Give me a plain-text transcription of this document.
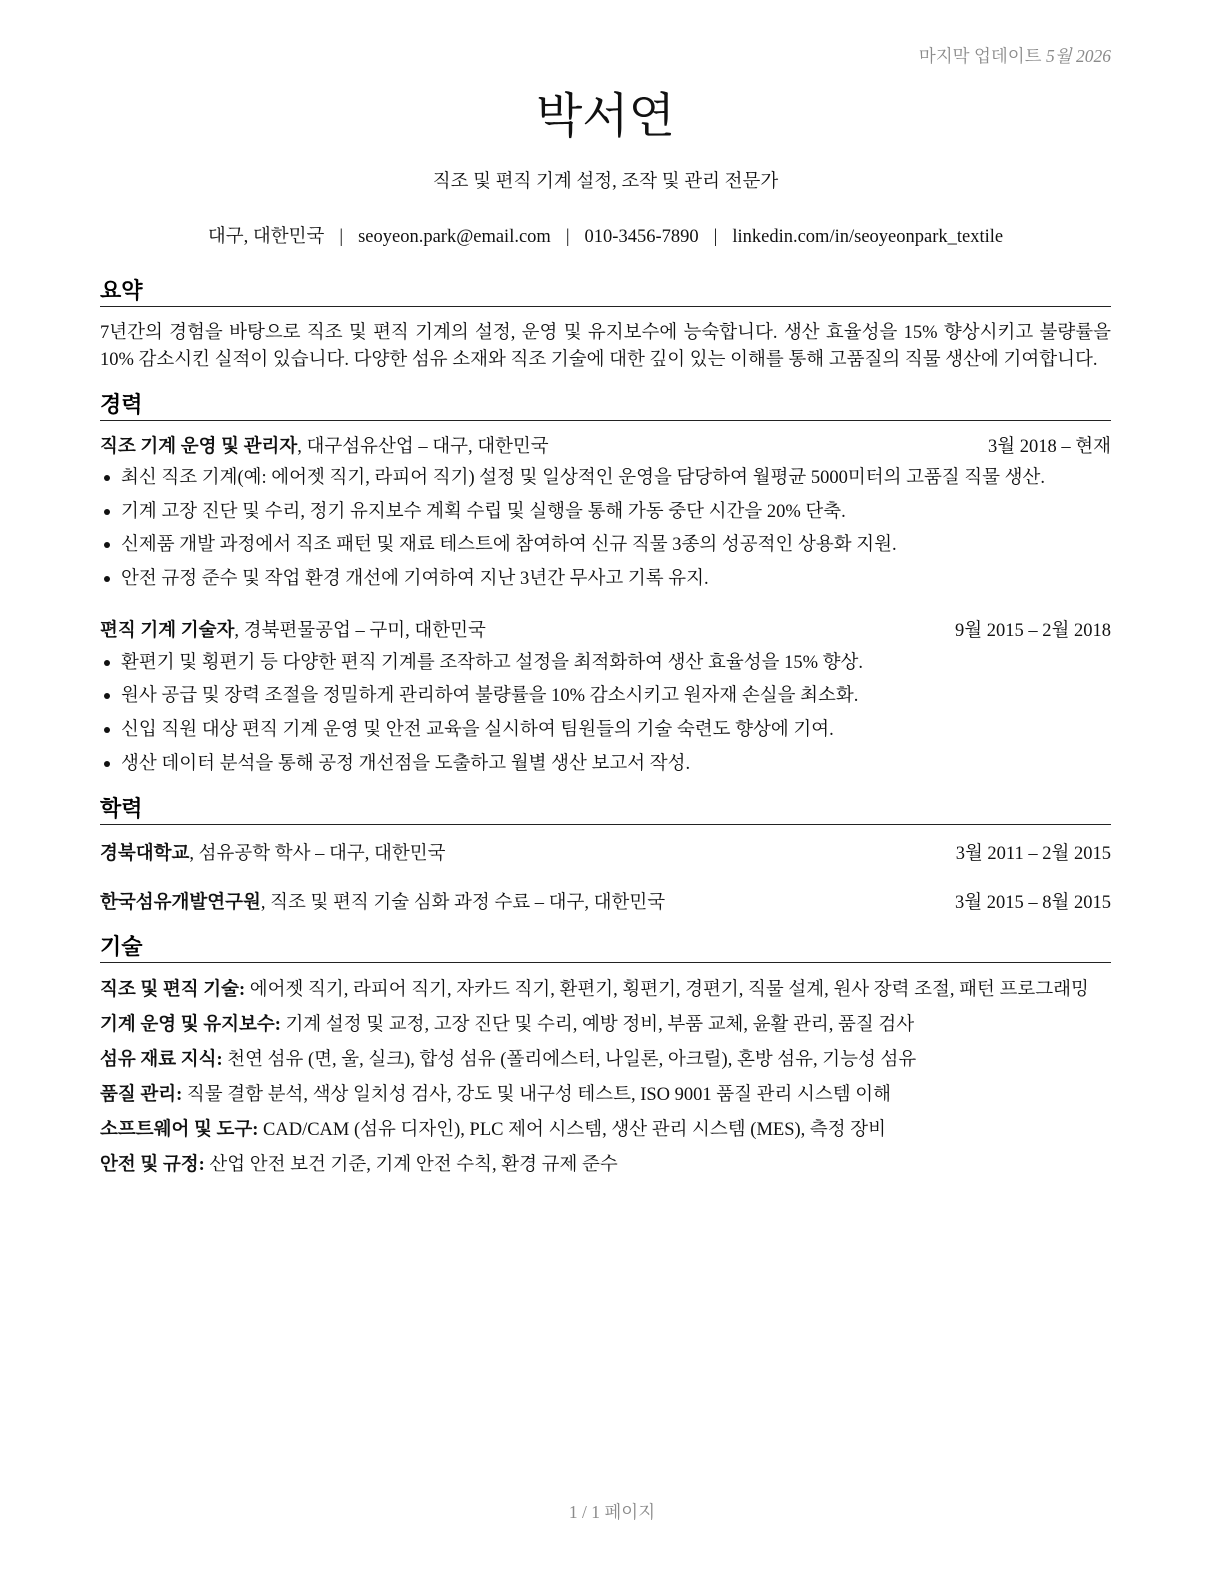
마지막 업데이트 5월 2026
박서연
직조 및 편직 기계 설정, 조작 및 관리 전문가
대구, 대한민국 | seoyeon.park@email.com | 010-3456-7890 | linkedin.com/in/seoyeonpark_textile
요약

7년간의 경험을 바탕으로 직조 및 편직 기계의 설정, 운영 및 유지보수에 능숙합니다. 생산 효율성을 15% 향상시키고 불량률을 10% 감소시킨 실적이 있습니다. 다양한 섬유 소재와 직조 기술에 대한 깊이 있는 이해를 통해 고품질의 직물 생산에 기여합니다.

경력
직조 기계 운영 및 관리자, 대구섬유산업 – 대구, 대한민국	3월 2018 – 현재
최신 직조 기계(예: 에어젯 직기, 라피어 직기) 설정 및 일상적인 운영을 담당하여 월평균 5000미터의 고품질 직물 생산.
기계 고장 진단 및 수리, 정기 유지보수 계획 수립 및 실행을 통해 가동 중단 시간을 20% 단축.
신제품 개발 과정에서 직조 패턴 및 재료 테스트에 참여하여 신규 직물 3종의 성공적인 상용화 지원.
안전 규정 준수 및 작업 환경 개선에 기여하여 지난 3년간 무사고 기록 유지.
편직 기계 기술자, 경북편물공업 – 구미, 대한민국	9월 2015 – 2월 2018
환편기 및 횡편기 등 다양한 편직 기계를 조작하고 설정을 최적화하여 생산 효율성을 15% 향상.
원사 공급 및 장력 조절을 정밀하게 관리하여 불량률을 10% 감소시키고 원자재 손실을 최소화.
신입 직원 대상 편직 기계 운영 및 안전 교육을 실시하여 팀원들의 기술 숙련도 향상에 기여.
생산 데이터 분석을 통해 공정 개선점을 도출하고 월별 생산 보고서 작성.
학력
경북대학교, 섬유공학 학사 – 대구, 대한민국	3월 2011 – 2월 2015
한국섬유개발연구원, 직조 및 편직 기술 심화 과정 수료 – 대구, 대한민국	3월 2015 – 8월 2015
기술

직조 및 편직 기술: 에어젯 직기, 라피어 직기, 자카드 직기, 환편기, 횡편기, 경편기, 직물 설계, 원사 장력 조절, 패턴 프로그래밍

기계 운영 및 유지보수: 기계 설정 및 교정, 고장 진단 및 수리, 예방 정비, 부품 교체, 윤활 관리, 품질 검사

섬유 재료 지식: 천연 섬유 (면, 울, 실크), 합성 섬유 (폴리에스터, 나일론, 아크릴), 혼방 섬유, 기능성 섬유

품질 관리: 직물 결함 분석, 색상 일치성 검사, 강도 및 내구성 테스트, ISO 9001 품질 관리 시스템 이해

소프트웨어 및 도구: CAD/CAM (섬유 디자인), PLC 제어 시스템, 생산 관리 시스템 (MES), 측정 장비

안전 및 규정: 산업 안전 보건 기준, 기계 안전 수칙, 환경 규제 준수

1 / 1 페이지
